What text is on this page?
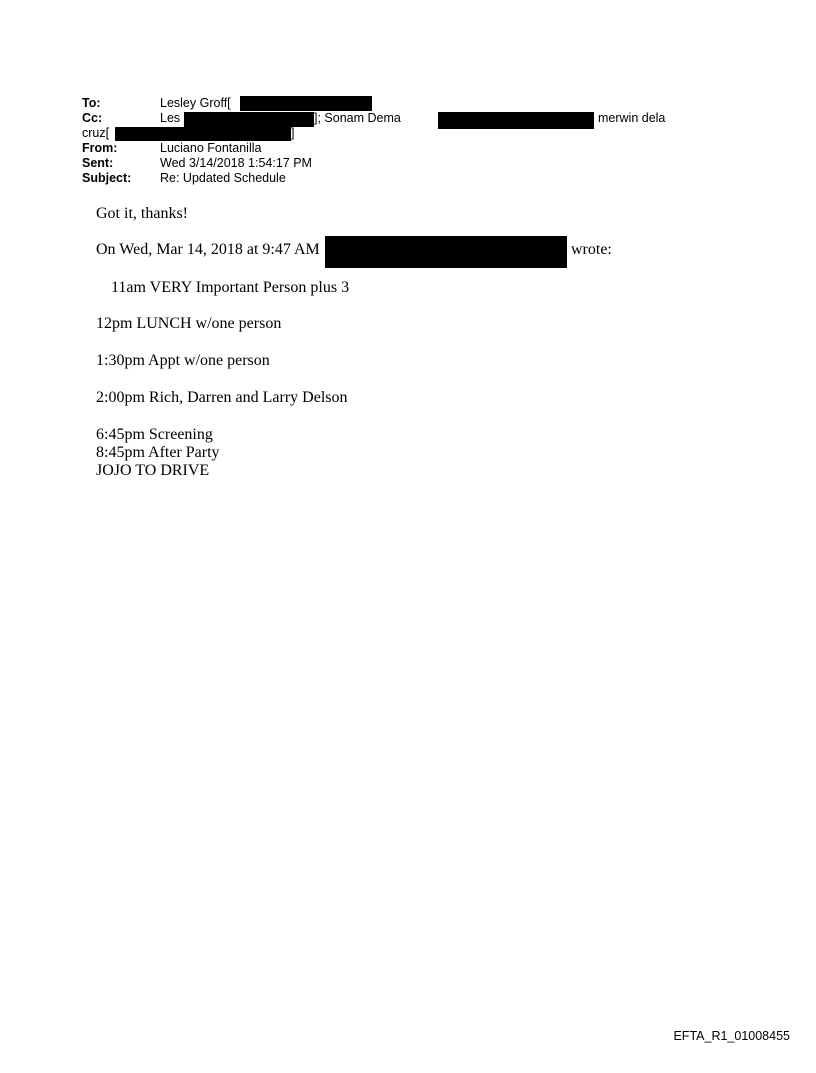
To:	Lesley Groff[
Cc:	Les	]; Sonam Dema	merwin dela
cruz[	]
From:	Luciano Fontanilla
Sent:	Wed 3/14/2018 1:54:17 PM
Subject: Re: Updated Schedule
Got it, thanks!
On Wed, Mar 14, 2018 at 9:47 AM	wrote:
11am VERY Important Person plus 3
12pm LUNCH w/one person
1:30pm Appt w/one person
2:00pm Rich, Darren and Larry Delson
6:45pm Screening
8:45pm After Party
JOJO TO DRIVE
EFTA_R1_01008455
